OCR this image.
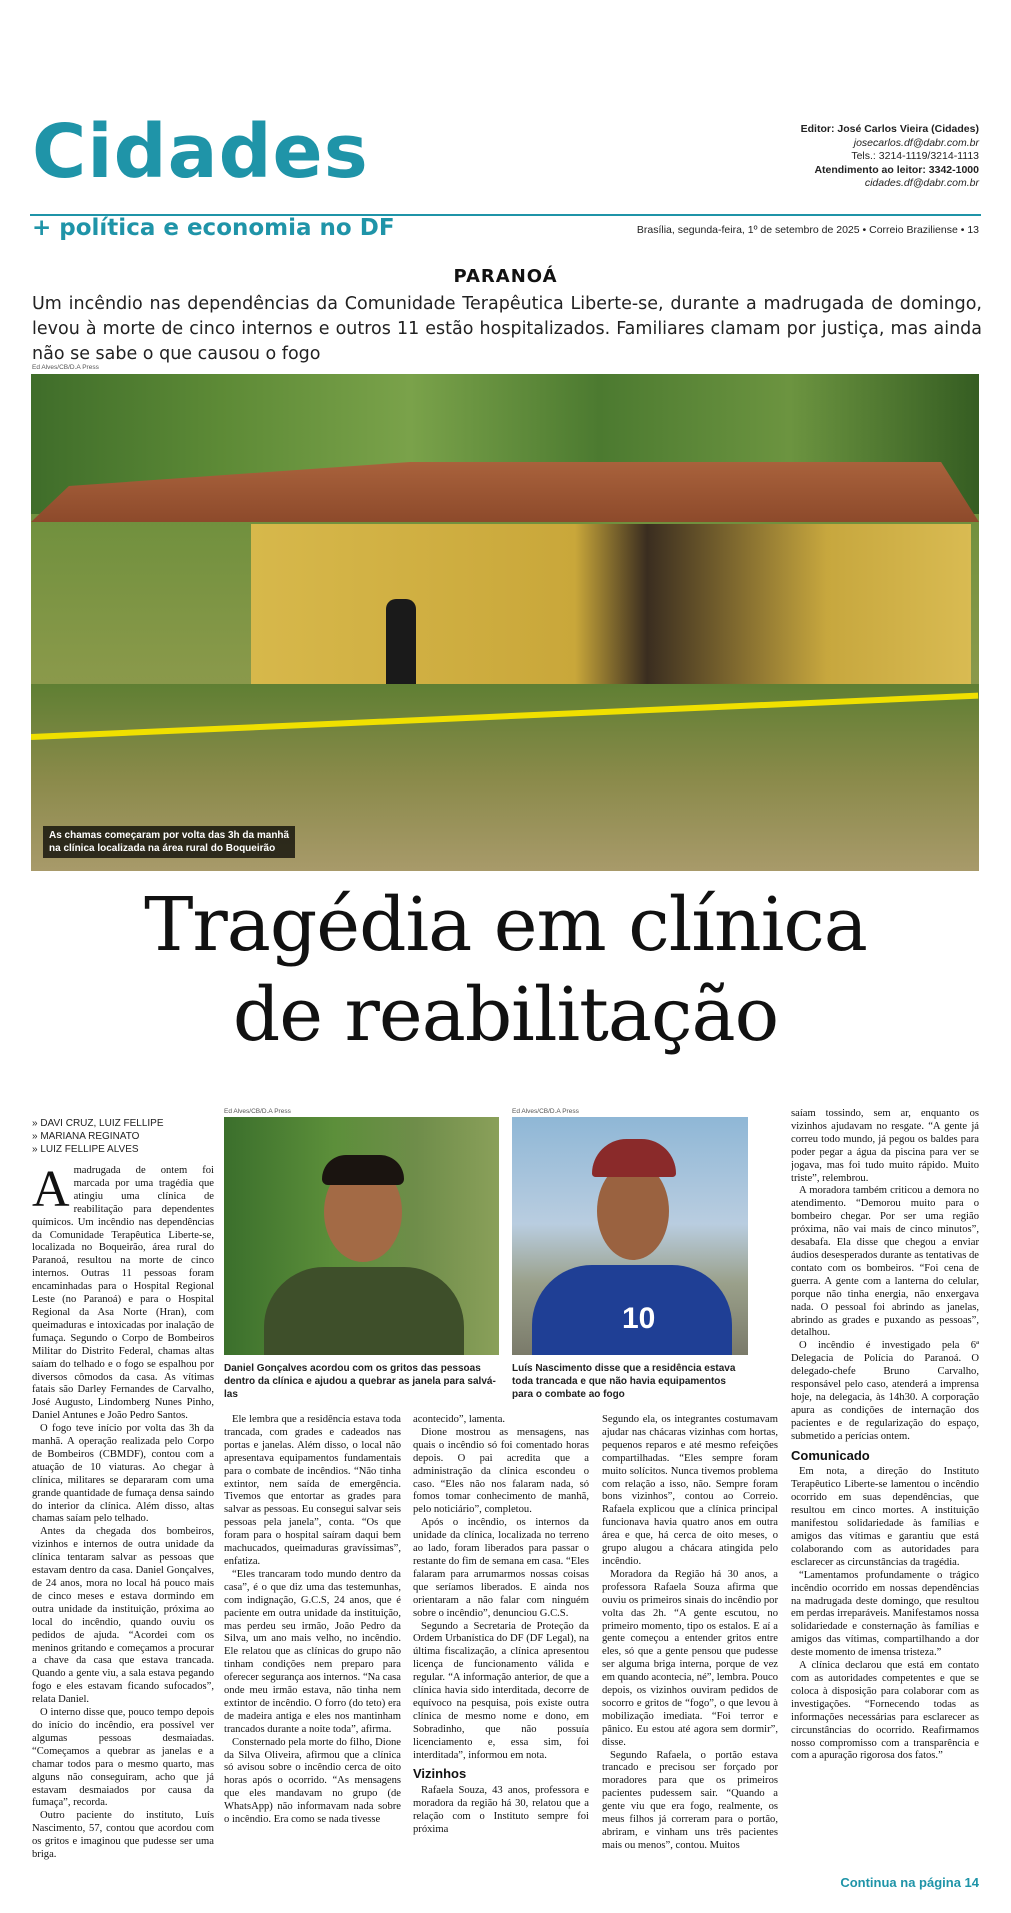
Cidades
+ política e economia no DF
Editor: José Carlos Vieira (Cidades)
josecarlos.df@dabr.com.br
Tels.: 3214-1119/3214-1113
Atendimento ao leitor: 3342-1000
cidades.df@dabr.com.br
Brasília, segunda-feira, 1º de setembro de 2025 • Correio Braziliense • 13
PARANOÁ
Um incêndio nas dependências da Comunidade Terapêutica Liberte-se, durante a madrugada de domingo, levou à morte de cinco internos e outros 11 estão hospitalizados. Familiares clamam por justiça, mas ainda não se sabe o que causou o fogo
Ed Alves/CB/D.A Press
As chamas começaram por volta das 3h da manhã
na clínica localizada na área rural do Boqueirão
Tragédia em clínica
de reabilitação
» DAVI CRUZ, LUIZ FELLIPE
» MARIANA REGINATO
» LUIZ FELLIPE ALVES
Ed Alves/CB/D.A Press
Daniel Gonçalves acordou com os gritos das pessoas dentro da clínica e ajudou a quebrar as janela para salvá-las
Ed Alves/CB/D.A Press
10
Luís Nascimento disse que a residência estava toda trancada e que não havia equipamentos para o combate ao fogo

Amadrugada de ontem foi marcada por uma tragédia que atingiu uma clínica de reabilitação para dependentes químicos. Um incêndio nas dependências da Comunidade Terapêutica Liberte-se, localizada no Boqueirão, área rural do Paranoá, resultou na morte de cinco internos. Outras 11 pessoas foram encaminhadas para o Hospital Regional Leste (no Paranoá) e para o Hospital Regional da Asa Norte (Hran), com queimaduras e intoxicadas por inalação de fumaça. Segundo o Corpo de Bombeiros Militar do Distrito Federal, chamas altas saíam do telhado e o fogo se espalhou por diversos cômodos da casa. As vítimas fatais são Darley Fernandes de Carvalho, José Augusto, Lindomberg Nunes Pinho, Daniel Antunes e João Pedro Santos.

O fogo teve início por volta das 3h da manhã. A operação realizada pelo Corpo de Bombeiros (CBMDF), contou com a atuação de 10 viaturas. Ao chegar à clínica, militares se depararam com uma grande quantidade de fumaça densa saindo do interior da clínica. Além disso, altas chamas saíam pelo telhado.

Antes da chegada dos bombeiros, vizinhos e internos de outra unidade da clínica tentaram salvar as pessoas que estavam dentro da casa. Daniel Gonçalves, de 24 anos, mora no local há pouco mais de cinco meses e estava dormindo em outra unidade da instituição, próxima ao local do incêndio, quando ouviu os pedidos de ajuda. “Acordei com os meninos gritando e começamos a procurar a chave da casa que estava trancada. Quando a gente viu, a sala estava pegando fogo e eles estavam ficando sufocados”, relata Daniel.

O interno disse que, pouco tempo depois do início do incêndio, era possível ver algumas pessoas desmaiadas. “Começamos a quebrar as janelas e a chamar todos para o mesmo quarto, mas alguns não conseguiram, acho que já estavam desmaiados por causa da fumaça”, recorda.

Outro paciente do instituto, Luís Nascimento, 57, contou que acordou com os gritos e imaginou que pudesse ser uma briga.

Ele lembra que a residência estava toda trancada, com grades e cadeados nas portas e janelas. Além disso, o local não apresentava equipamentos fundamentais para o combate de incêndios. “Não tinha extintor, nem saída de emergência. Tivemos que entortar as grades para salvar as pessoas. Eu consegui salvar seis pessoas pela janela”, conta. “Os que foram para o hospital saíram daqui bem machucados, queimaduras gravíssimas”, enfatiza.

“Eles trancaram todo mundo dentro da casa”, é o que diz uma das testemunhas, com indignação, G.C.S, 24 anos, que é paciente em outra unidade da instituição, mas perdeu seu irmão, João Pedro da Silva, um ano mais velho, no incêndio. Ele relatou que as clínicas do grupo não tinham condições nem preparo para oferecer segurança aos internos. “Na casa onde meu irmão estava, não tinha nem extintor de incêndio. O forro (do teto) era de madeira antiga e eles nos mantinham trancados durante a noite toda”, afirma.

Consternado pela morte do filho, Dione da Silva Oliveira, afirmou que a clínica só avisou sobre o incêndio cerca de oito horas após o ocorrido. “As mensagens que eles mandavam no grupo (de WhatsApp) não informavam nada sobre o incêndio. Era como se nada tivesse

acontecido”, lamenta.

Dione mostrou as mensagens, nas quais o incêndio só foi comentado horas depois. O pai acredita que a administração da clínica escondeu o caso. “Eles não nos falaram nada, só fomos tomar conhecimento de manhã, pelo noticiário”, completou.

Após o incêndio, os internos da unidade da clínica, localizada no terreno ao lado, foram liberados para passar o restante do fim de semana em casa. “Eles falaram para arrumarmos nossas coisas que seríamos liberados. E ainda nos orientaram a não falar com ninguém sobre o incêndio”, denunciou G.C.S.

Segundo a Secretaria de Proteção da Ordem Urbanística do DF (DF Legal), na última fiscalização, a clínica apresentou licença de funcionamento válida e regular. “A informação anterior, de que a clínica havia sido interditada, decorre de equívoco na pesquisa, pois existe outra clínica de mesmo nome e dono, em Sobradinho, que não possuía licenciamento e, essa sim, foi interditada”, informou em nota.

Vizinhos

Rafaela Souza, 43 anos, professora e moradora da região há 30, relatou que a relação com o Instituto sempre foi próxima

Segundo ela, os integrantes costumavam ajudar nas chácaras vizinhas com hortas, pequenos reparos e até mesmo refeições compartilhadas. “Eles sempre foram muito solícitos. Nunca tivemos problema com relação a isso, não. Sempre foram bons vizinhos”, contou ao Correio. Rafaela explicou que a clínica principal funcionava havia quatro anos em outra área e que, há cerca de oito meses, o grupo alugou a chácara atingida pelo incêndio.

Moradora da Região há 30 anos, a professora Rafaela Souza afirma que ouviu os primeiros sinais do incêndio por volta das 2h. “A gente escutou, no primeiro momento, tipo os estalos. E aí a gente começou a entender gritos entre eles, só que a gente pensou que pudesse ser alguma briga interna, porque de vez em quando acontecia, né”, lembra. Pouco depois, os vizinhos ouviram pedidos de socorro e gritos de “fogo”, o que levou à mobilização imediata. “Foi terror e pânico. Eu estou até agora sem dormir”, disse.

Segundo Rafaela, o portão estava trancado e precisou ser forçado por moradores para que os primeiros pacientes pudessem sair. “Quando a gente viu que era fogo, realmente, os meus filhos já correram para o portão, abriram, e vinham uns três pacientes mais ou menos”, contou. Muitos

saíam tossindo, sem ar, enquanto os vizinhos ajudavam no resgate. “A gente já correu todo mundo, já pegou os baldes para poder pegar a água da piscina para ver se jogava, mas foi tudo muito rápido. Muito triste”, relembrou.

A moradora também criticou a demora no atendimento. “Demorou muito para o bombeiro chegar. Por ser uma região próxima, não vai mais de cinco minutos”, desabafa. Ela disse que chegou a enviar áudios desesperados durante as tentativas de contato com os bombeiros. “Foi cena de guerra. A gente com a lanterna do celular, porque não tinha energia, não enxergava nada. O pessoal foi abrindo as janelas, abrindo as grades e puxando as pessoas”, detalhou.

O incêndio é investigado pela 6ª Delegacia de Polícia do Paranoá. O delegado-chefe Bruno Carvalho, responsável pelo caso, atenderá a imprensa hoje, na delegacia, às 14h30. A corporação apura as condições de internação dos pacientes e de regularização do espaço, submetido a perícias ontem.

Comunicado

Em nota, a direção do Instituto Terapêutico Liberte-se lamentou o incêndio ocorrido em suas dependências, que resultou em cinco mortes. A instituição manifestou solidariedade às famílias e amigos das vítimas e garantiu que está colaborando com as autoridades para esclarecer as circunstâncias da tragédia.

“Lamentamos profundamente o trágico incêndio ocorrido em nossas dependências na madrugada deste domingo, que resultou em perdas irreparáveis. Manifestamos nossa solidariedade e consternação às famílias e amigos das vítimas, compartilhando a dor deste momento de imensa tristeza.”

A clínica declarou que está em contato com as autoridades competentes e que se coloca à disposição para colaborar com as investigações. “Fornecendo todas as informações necessárias para esclarecer as circunstâncias do ocorrido. Reafirmamos nosso compromisso com a transparência e com a apuração rigorosa dos fatos.”

Continua na página 14
